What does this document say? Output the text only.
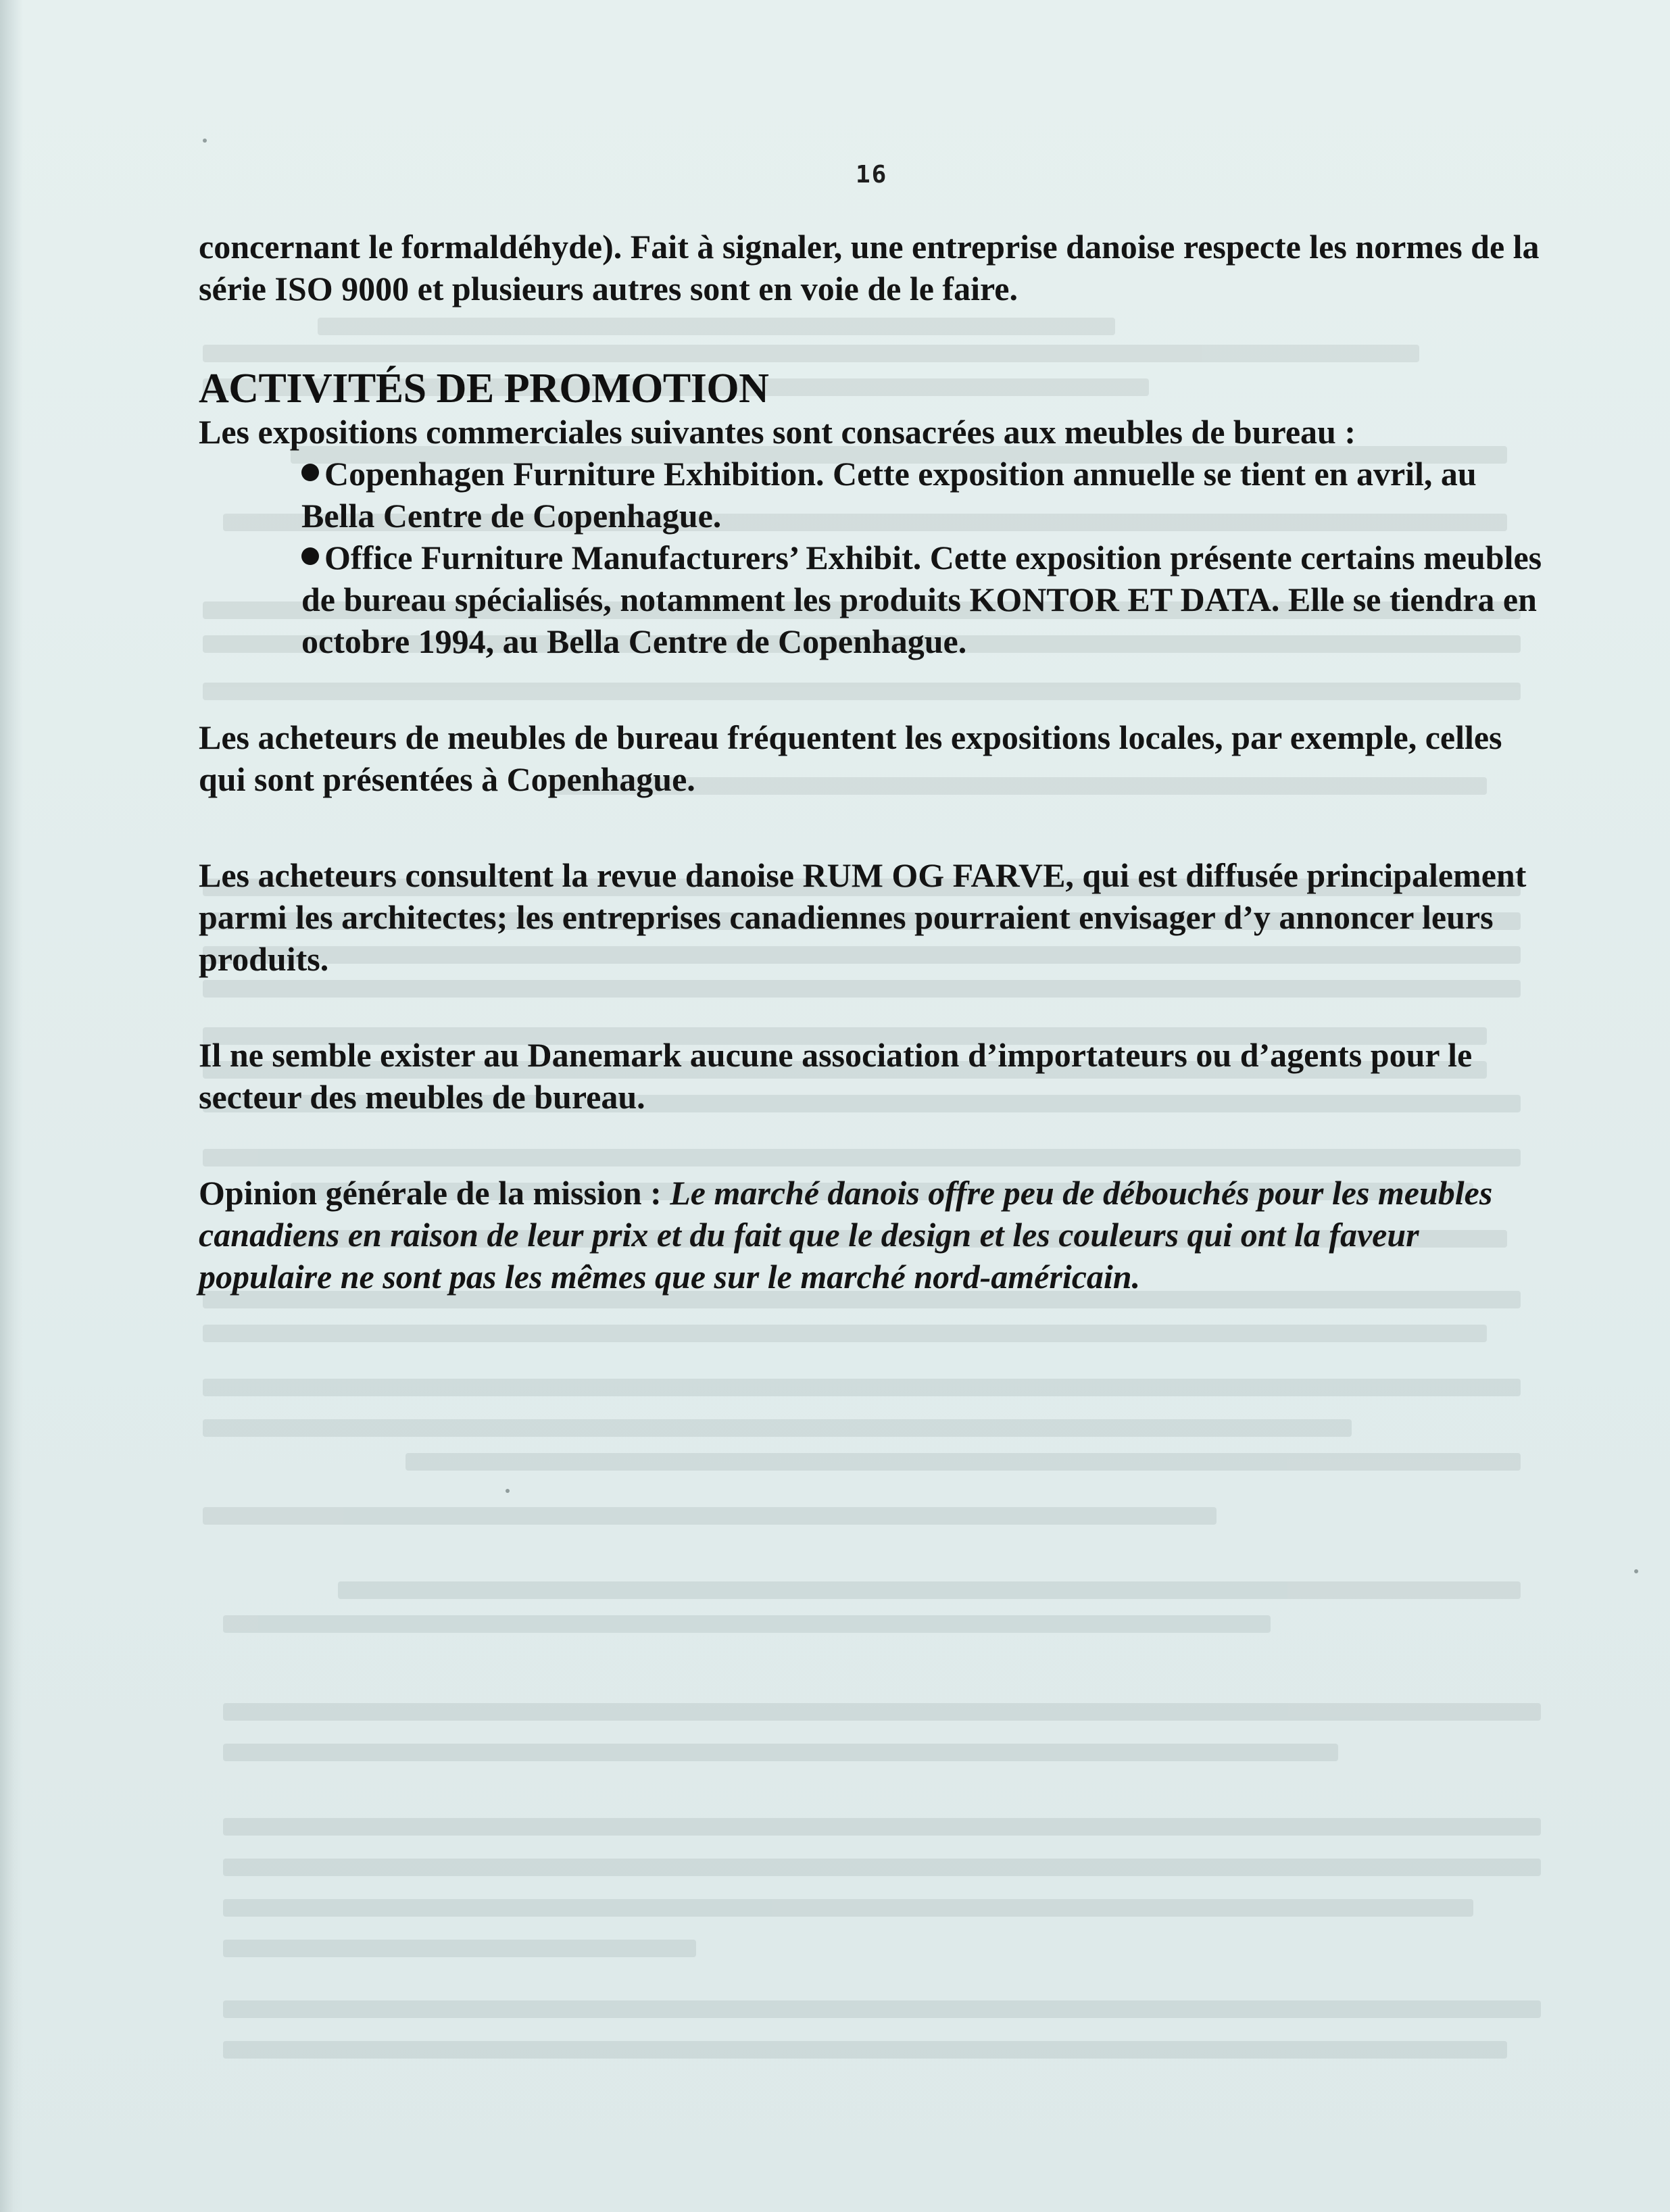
16

concernant le formaldéhyde). Fait à signaler, une entreprise danoise respecte les normes de la série ISO 9000 et plusieurs autres sont en voie de le faire.

ACTIVITÉS DE PROMOTION

Les expositions commerciales suivantes sont consacrées aux meubles de bureau :

Copenhagen Furniture Exhibition. Cette exposition annuelle se tient en avril, au Bella Centre de Copenhague.
Office Furniture Manufacturers’ Exhibit. Cette exposition présente certains meubles de bureau spécialisés, notamment les produits KONTOR ET DATA. Elle se tiendra en octobre 1994, au Bella Centre de Copenhague.

Les acheteurs de meubles de bureau fréquentent les expositions locales, par exemple, celles qui sont présentées à Copenhague.

Les acheteurs consultent la revue danoise RUM OG FARVE, qui est diffusée principalement parmi les architectes; les entreprises canadiennes pourraient envisager d’y annoncer leurs produits.

Il ne semble exister au Danemark aucune association d’importateurs ou d’agents pour le secteur des meubles de bureau.

Opinion générale de la mission : Le marché danois offre peu de débouchés pour les meubles canadiens en raison de leur prix et du fait que le design et les couleurs qui ont la faveur populaire ne sont pas les mêmes que sur le marché nord-américain.
